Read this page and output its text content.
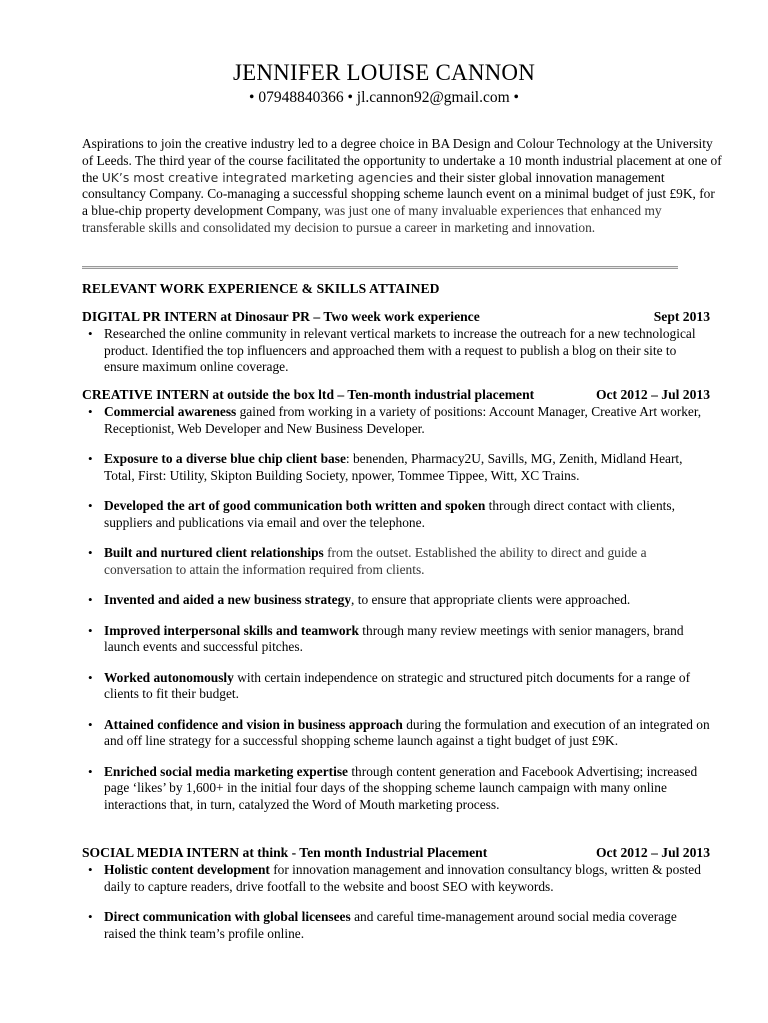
JENNIFER LOUISE CANNON
• 07948840366 • jl.cannon92@gmail.com •

Aspirations to join the creative industry led to a degree choice in BA Design and Colour Technology at the University of Leeds. The third year of the course facilitated the opportunity to undertake a 10 month industrial placement at one of the UK’s most creative integrated marketing agencies and their sister global innovation management consultancy Company. Co-managing a successful shopping scheme launch event on a minimal budget of just £9K, for a blue-chip property development Company, was just one of many invaluable experiences that enhanced my transferable skills and consolidated my decision to pursue a career in marketing and innovation.

RELEVANT WORK EXPERIENCE & SKILLS ATTAINED
DIGITAL PR INTERN at Dinosaur PR – Two week work experience	Sept 2013
• Researched the online community in relevant vertical markets to increase the outreach for a new technological product. Identified the top influencers and approached them with a request to publish a blog on their site to ensure maximum online coverage.
CREATIVE INTERN at outside the box ltd – Ten-month industrial placement	Oct 2012 – Jul 2013
• Commercial awareness gained from working in a variety of positions: Account Manager, Creative Art worker, Receptionist, Web Developer and New Business Developer.
• Exposure to a diverse blue chip client base: benenden, Pharmacy2U, Savills, MG, Zenith, Midland Heart, Total, First: Utility, Skipton Building Society, npower, Tommee Tippee, Witt, XC Trains.
• Developed the art of good communication both written and spoken through direct contact with clients, suppliers and publications via email and over the telephone.
• Built and nurtured client relationships from the outset. Established the ability to direct and guide a conversation to attain the information required from clients.
• Invented and aided a new business strategy, to ensure that appropriate clients were approached.
• Improved interpersonal skills and teamwork through many review meetings with senior managers, brand launch events and successful pitches.
• Worked autonomously with certain independence on strategic and structured pitch documents for a range of clients to fit their budget.
• Attained confidence and vision in business approach during the formulation and execution of an integrated on and off line strategy for a successful shopping scheme launch against a tight budget of just £9K.
• Enriched social media marketing expertise through content generation and Facebook Advertising; increased page ‘likes’ by 1,600+ in the initial four days of the shopping scheme launch campaign with many online interactions that, in turn, catalyzed the Word of Mouth marketing process.
SOCIAL MEDIA INTERN at think - Ten month Industrial Placement	Oct 2012 – Jul 2013
• Holistic content development for innovation management and innovation consultancy blogs, written & posted daily to capture readers, drive footfall to the website and boost SEO with keywords.
• Direct communication with global licensees and careful time-management around social media coverage raised the think team’s profile online.
